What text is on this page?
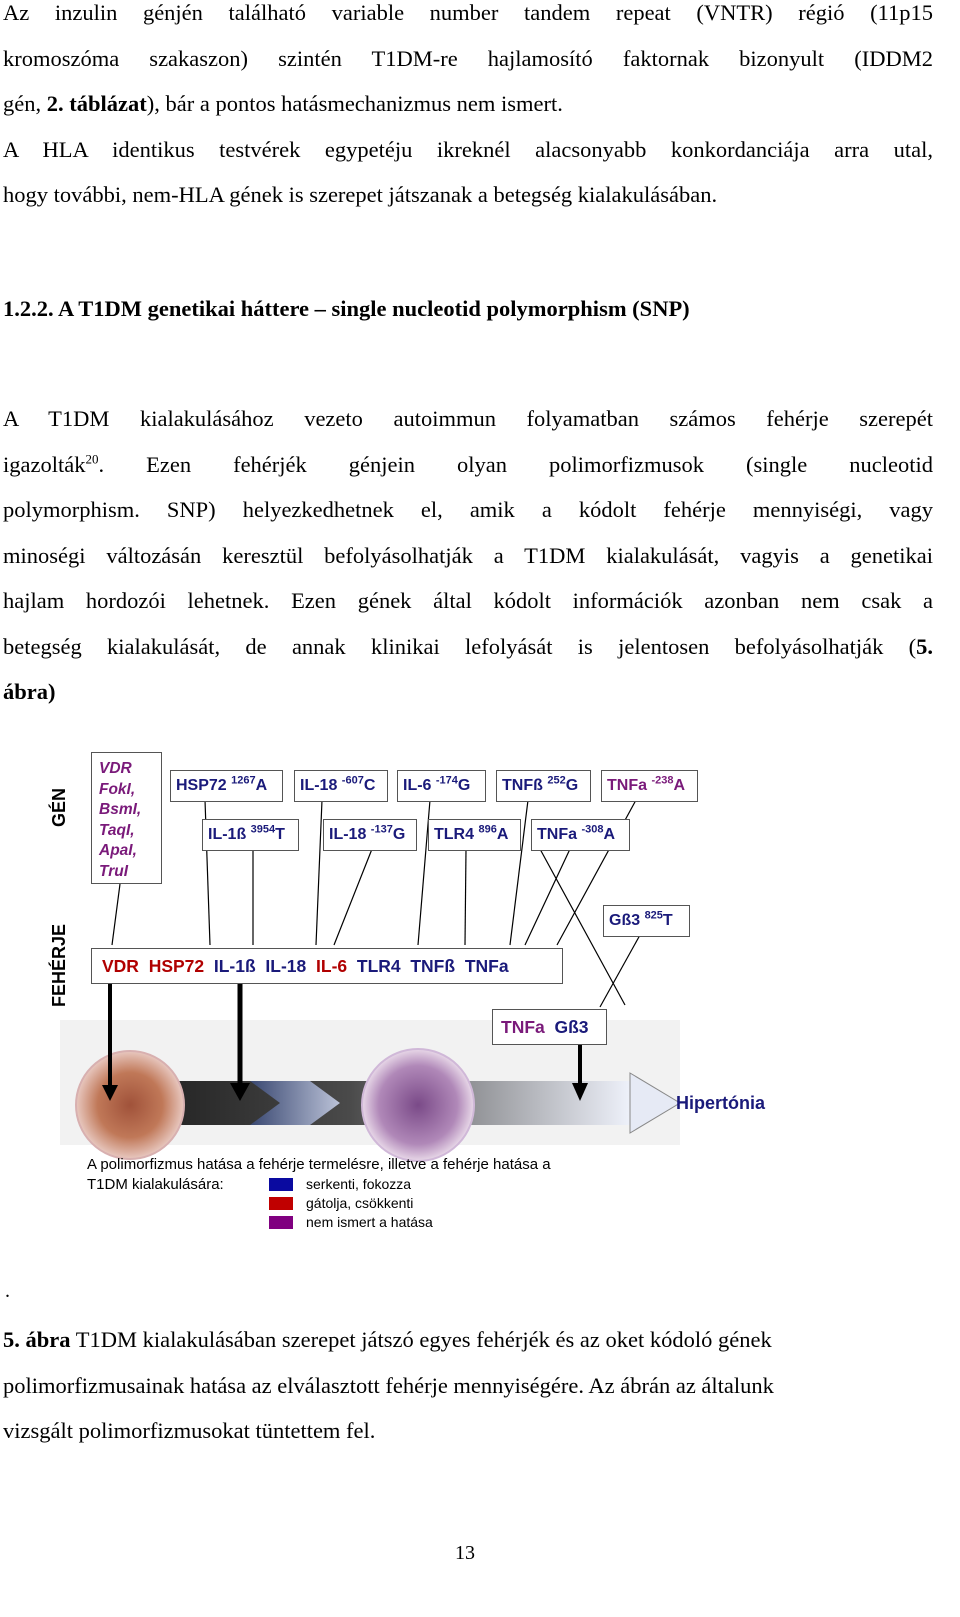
Az inzulin génjén található variable number tandem repeat (VNTR) régió (11p15
kromoszóma szakaszon) szintén T1DM-re hajlamosító faktornak bizonyult (IDDM2
gén, 2. táblázat), bár a pontos hatásmechanizmus nem ismert.
A HLA identikus testvérek egypetéju ikreknél alacsonyabb konkordanciája arra utal,
hogy további, nem-HLA gének is szerepet játszanak a betegség kialakulásában.
1.2.2. A T1DM genetikai háttere – single nucleotid polymorphism (SNP)
A T1DM kialakulásához vezeto autoimmun folyamatban számos fehérje szerepét
igazolták$^{20}$. Ezen fehérjék génjein olyan polimorfizmusok (single nucleotid
polymorphism. SNP) helyezkedhetnek el, amik a kódolt fehérje mennyiségi, vagy
minoségi változásán keresztül befolyásolhatják a T1DM kialakulását, vagyis a genetikai
hajlam hordozói lehetnek. Ezen gének által kódolt információk azonban nem csak a
betegség kialakulását, de annak klinikai lefolyását is jelentosen befolyásolhatják (5.
ábra)
GÉN
FEHÉRJE
VDR
FokI,
BsmI,
TaqI,
ApaI,
TruI
HSP72 $^{1267}$A	IL-18 $^{-607}$C	IL-6 $^{-174}$G	TNFß $^{252}$G	TNFa $^{-238}$A
IL-1ß $^{3954}$T	IL-18 $^{-137}$G	TLR4 $^{896}$A	TNFa $^{-308}$A
Gß3 $^{825}$T
VDR HSP72 IL-1ß IL-18 IL-6 TLR4 TNFß TNFa
TNFa Gß3
Hipertónia
A polimorfizmus hatása a fehérje termelésre, illetve a fehérje hatása a
T1DM kialakulására:	serkenti, fokozza
gátolja, csökkenti
nem ismert a hatása
.
5. ábra T1DM kialakulásában szerepet játszó egyes fehérjék és az oket kódoló gének
polimorfizmusainak hatása az elválasztott fehérje mennyiségére. Az ábrán az általunk
vizsgált polimorfizmusokat tüntettem fel.
13
